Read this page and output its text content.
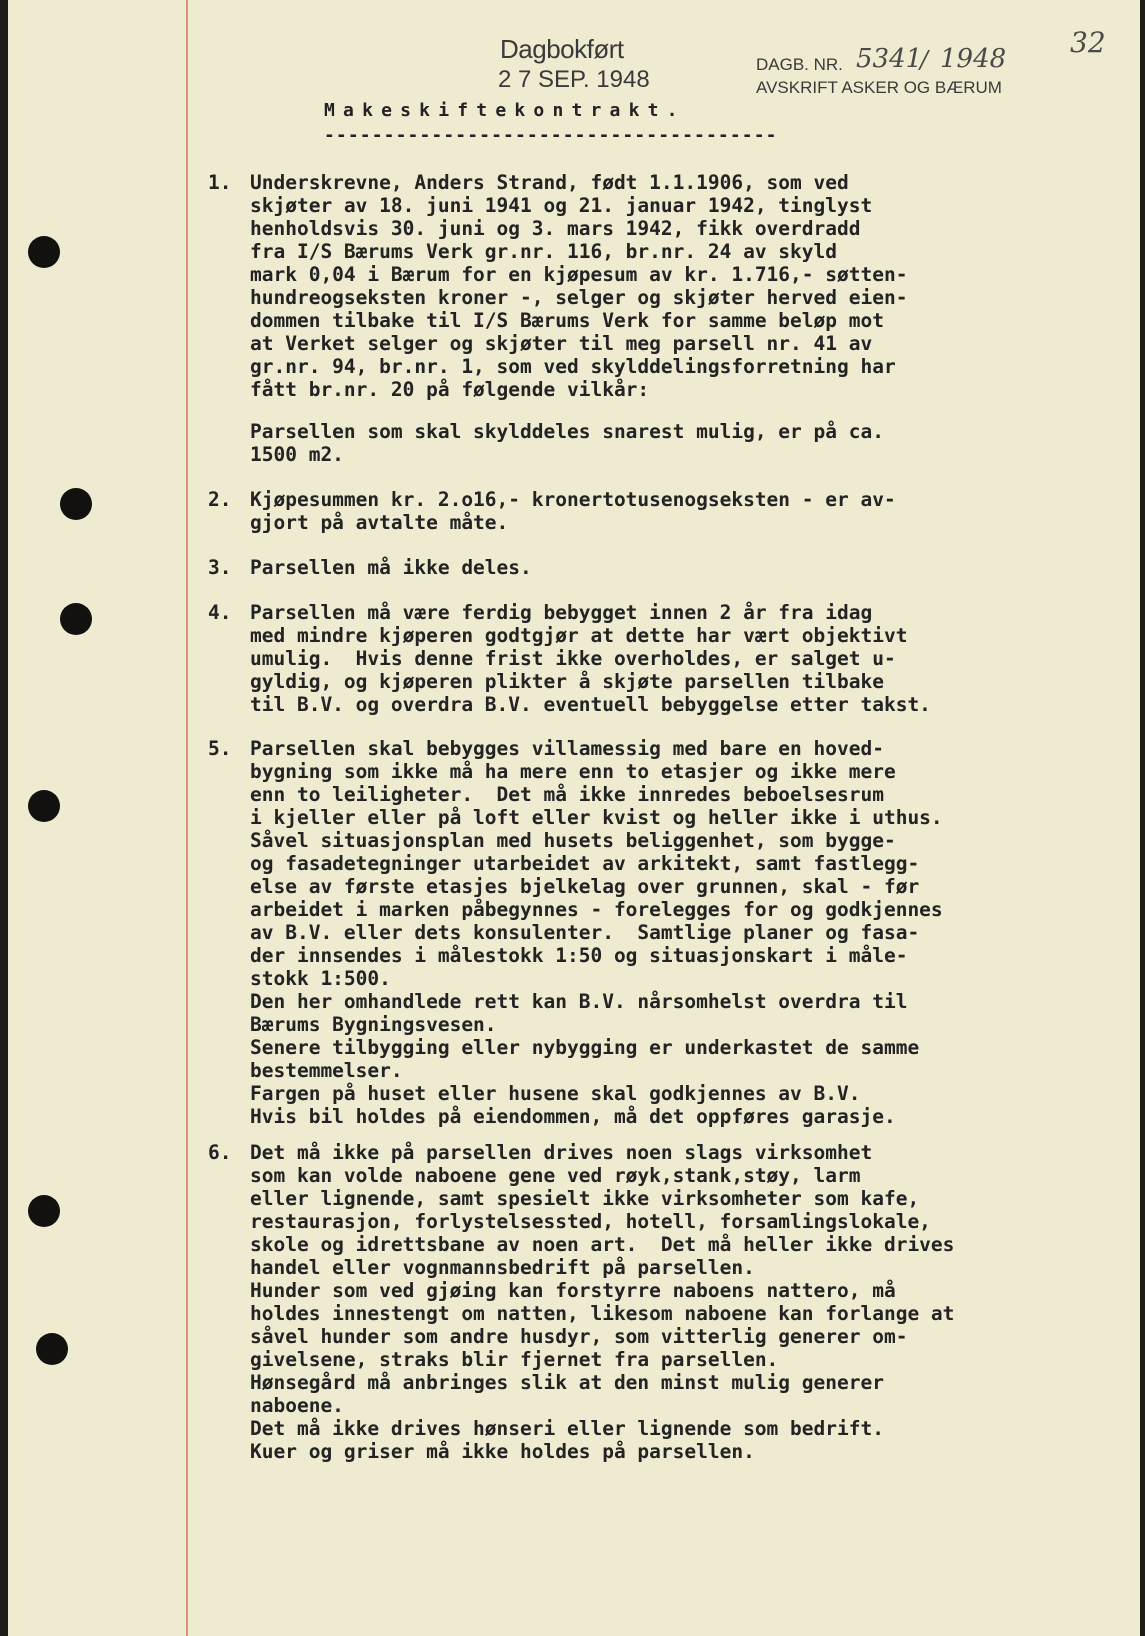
Dagbokført
2 7 SEP. 1948
DAGB. NR. 5341
/ 1948
AVSKRIFT ASKER OG BÆRUM
32
Makeskiftekontrakt.
--------------------------------------
1. Underskrevne, Anders Strand, født 1.1.1906, som ved
skjøter av 18. juni 1941 og 21. januar 1942, tinglyst
henholdsvis 30. juni og 3. mars 1942, fikk overdradd
fra I/S Bærums Verk gr.nr. 116, br.nr. 24 av skyld
mark 0,04 i Bærum for en kjøpesum av kr. 1.716,- søtten-
hundreogseksten kroner -, selger og skjøter herved eien-
dommen tilbake til I/S Bærums Verk for samme beløp mot
at Verket selger og skjøter til meg parsell nr. 41 av
gr.nr. 94, br.nr. 1, som ved skylddelingsforretning har
fått br.nr. 20 på følgende vilkår:
Parsellen som skal skylddeles snarest mulig, er på ca.
1500 m2.
2. Kjøpesummen kr. 2.o16,- kronertotusenogseksten - er av-
gjort på avtalte måte.
3. Parsellen må ikke deles.
4. Parsellen må være ferdig bebygget innen 2 år fra idag
med mindre kjøperen godtgjør at dette har vært objektivt
umulig.  Hvis denne frist ikke overholdes, er salget u-
gyldig, og kjøperen plikter å skjøte parsellen tilbake
til B.V. og overdra B.V. eventuell bebyggelse etter takst.
5. Parsellen skal bebygges villamessig med bare en hoved-
bygning som ikke må ha mere enn to etasjer og ikke mere
enn to leiligheter.  Det må ikke innredes beboelsesrum
i kjeller eller på loft eller kvist og heller ikke i uthus.
Såvel situasjonsplan med husets beliggenhet, som bygge-
og fasadetegninger utarbeidet av arkitekt, samt fastlegg-
else av første etasjes bjelkelag over grunnen, skal - før
arbeidet i marken påbegynnes - forelegges for og godkjennes
av B.V. eller dets konsulenter.  Samtlige planer og fasa-
der innsendes i målestokk 1:50 og situasjonskart i måle-
stokk 1:500.
Den her omhandlede rett kan B.V. nårsomhelst overdra til
Bærums Bygningsvesen.
Senere tilbygging eller nybygging er underkastet de samme
bestemmelser.
Fargen på huset eller husene skal godkjennes av B.V.
Hvis bil holdes på eiendommen, må det oppføres garasje.
6. Det må ikke på parsellen drives noen slags virksomhet
som kan volde naboene gene ved røyk,stank,støy, larm
eller lignende, samt spesielt ikke virksomheter som kafe,
restaurasjon, forlystelsessted, hotell, forsamlingslokale,
skole og idrettsbane av noen art.  Det må heller ikke drives
handel eller vognmannsbedrift på parsellen.
Hunder som ved gjøing kan forstyrre naboens nattero, må
holdes innestengt om natten, likesom naboene kan forlange at
såvel hunder som andre husdyr, som vitterlig generer om-
givelsene, straks blir fjernet fra parsellen.
Hønsegård må anbringes slik at den minst mulig generer
naboene.
Det må ikke drives hønseri eller lignende som bedrift.
Kuer og griser må ikke holdes på parsellen.
